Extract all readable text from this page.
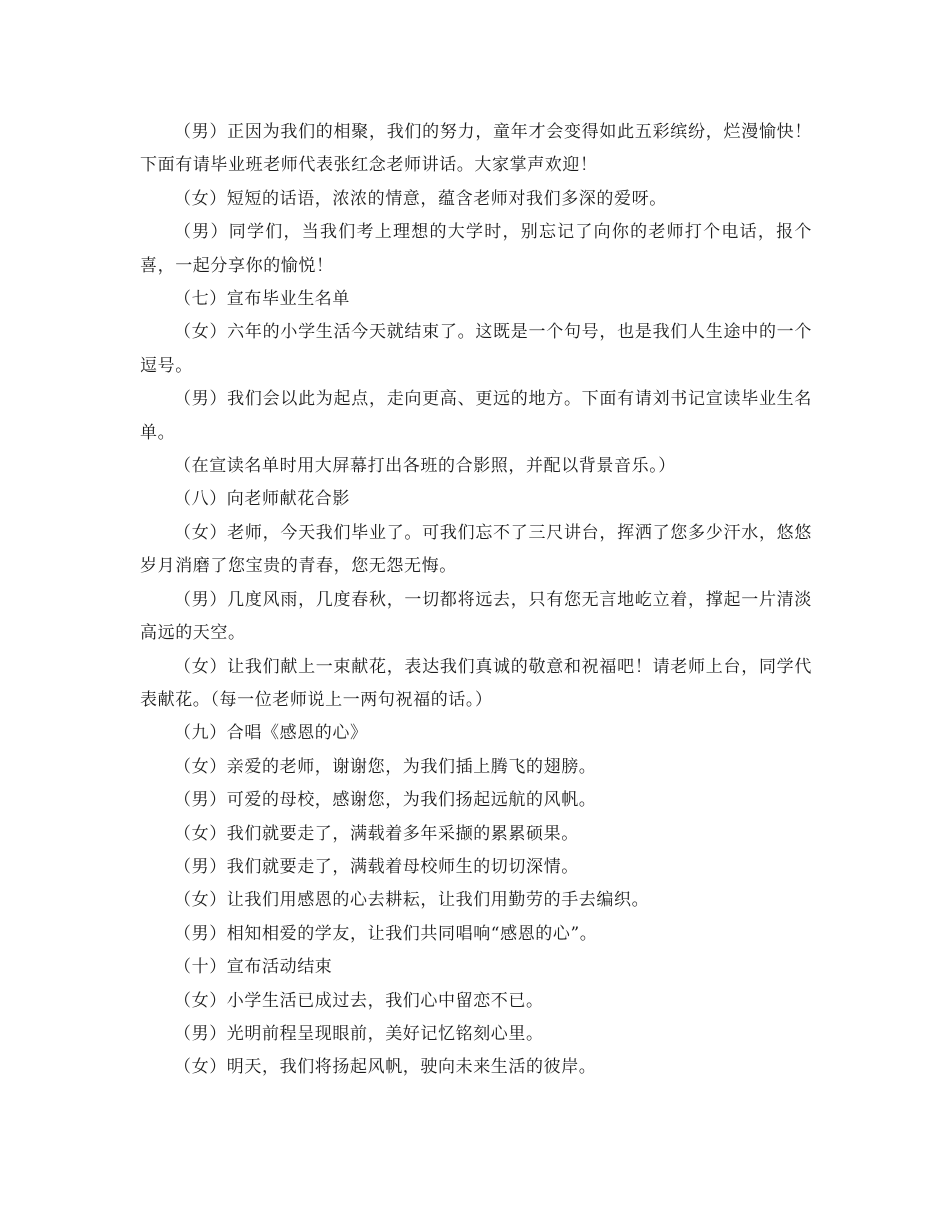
（男）正因为我们的相聚，我们的努力，童年才会变得如此五彩缤纷，烂漫愉快！下面有请毕业班老师代表张红念老师讲话。大家掌声欢迎！

（女）短短的话语，浓浓的情意，蕴含老师对我们多深的爱呀。

（男）同学们，当我们考上理想的大学时，别忘记了向你的老师打个电话，报个喜，一起分享你的愉悦！

（七）宣布毕业生名单

（女）六年的小学生活今天就结束了。这既是一个句号，也是我们人生途中的一个逗号。

（男）我们会以此为起点，走向更高、更远的地方。下面有请刘书记宣读毕业生名单。

（在宣读名单时用大屏幕打出各班的合影照，并配以背景音乐。）

（八）向老师献花合影

（女）老师，今天我们毕业了。可我们忘不了三尺讲台，挥洒了您多少汗水，悠悠岁月消磨了您宝贵的青春，您无怨无悔。

（男）几度风雨，几度春秋，一切都将远去，只有您无言地屹立着，撑起一片清淡高远的天空。

（女）让我们献上一束献花，表达我们真诚的敬意和祝福吧！请老师上台，同学代表献花。（每一位老师说上一两句祝福的话。）

（九）合唱《感恩的心》

（女）亲爱的老师，谢谢您，为我们插上腾飞的翅膀。

（男）可爱的母校，感谢您，为我们扬起远航的风帆。

（女）我们就要走了，满载着多年采撷的累累硕果。

（男）我们就要走了，满载着母校师生的切切深情。

（女）让我们用感恩的心去耕耘，让我们用勤劳的手去编织。

（男）相知相爱的学友，让我们共同唱响“感恩的心”。

（十）宣布活动结束

（女）小学生活已成过去，我们心中留恋不已。

（男）光明前程呈现眼前，美好记忆铭刻心里。

（女）明天，我们将扬起风帆，驶向未来生活的彼岸。
